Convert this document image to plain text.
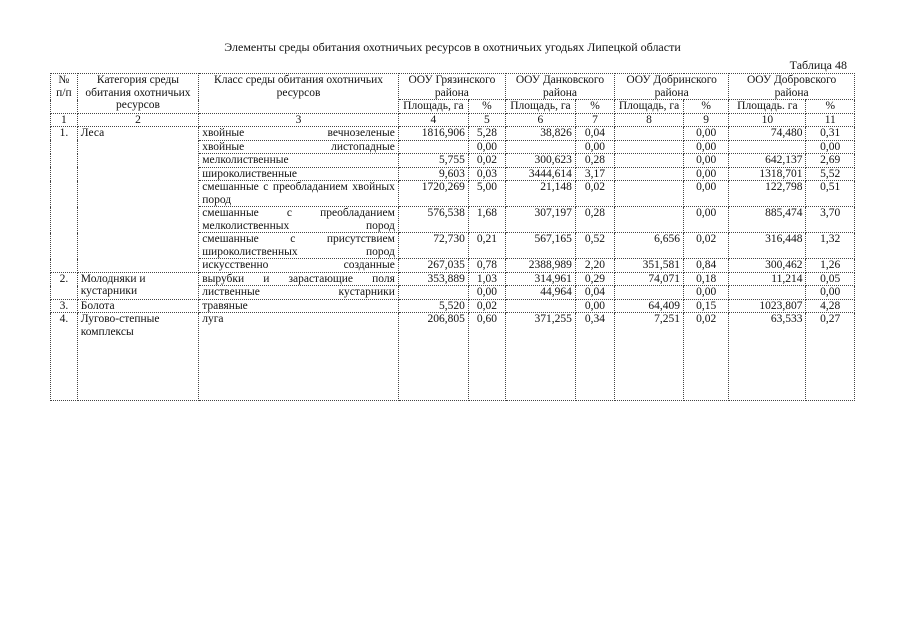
Элементы среды обитания охотничьих ресурсов в охотничьих угодьях Липецкой области
Таблица 48
№ п/п	Категория среды обитания охотничьих ресурсов	Класс среды обитания охотничьих ресурсов	ООУ Грязинского района		ООУ Данковского района		ООУ Добринского района		ООУ Добровского района	
			Площадь, га	%	Площадь, га	%	Площадь, га	%	Площадь. га	%
1	2	3	4	5	6	7	8	9	10	11
1.	Леса	хвойные вечнозеленые	1816,906	5,28	38,826	0,04		0,00	74,480	0,31
		хвойные листопадные		0,00		0,00		0,00		0,00
		мелколиственные	5,755	0,02	300,623	0,28		0,00	642,137	2,69
		широколиственные	9,603	0,03	3444,614	3,17		0,00	1318,701	5,52
		смешанные с преобладанием хвойных пород	1720,269	5,00	21,148	0,02		0,00	122,798	0,51
		смешанные с преобладанием мелколиственных пород	576,538	1,68	307,197	0,28		0,00	885,474	3,70
		смешанные с присутствием широколиственных пород	72,730	0,21	567,165	0,52	6,656	0,02	316,448	1,32
		искусственно созданные	267,035	0,78	2388,989	2,20	351,581	0,84	300,462	1,26
2.	Молодняки и кустарники	вырубки и зарастающие поля	353,889	1,03	314,961	0,29	74,071	0,18	11,214	0,05
		лиственные кустарники		0,00	44,964	0,04		0,00		0,00
3.	Болота	травяные	5,520	0,02		0,00	64,409	0,15	1023,807	4,28
4.	Лугово-степные комплексы	луга	206,805	0,60	371,255	0,34	7,251	0,02	63,533	0,27
